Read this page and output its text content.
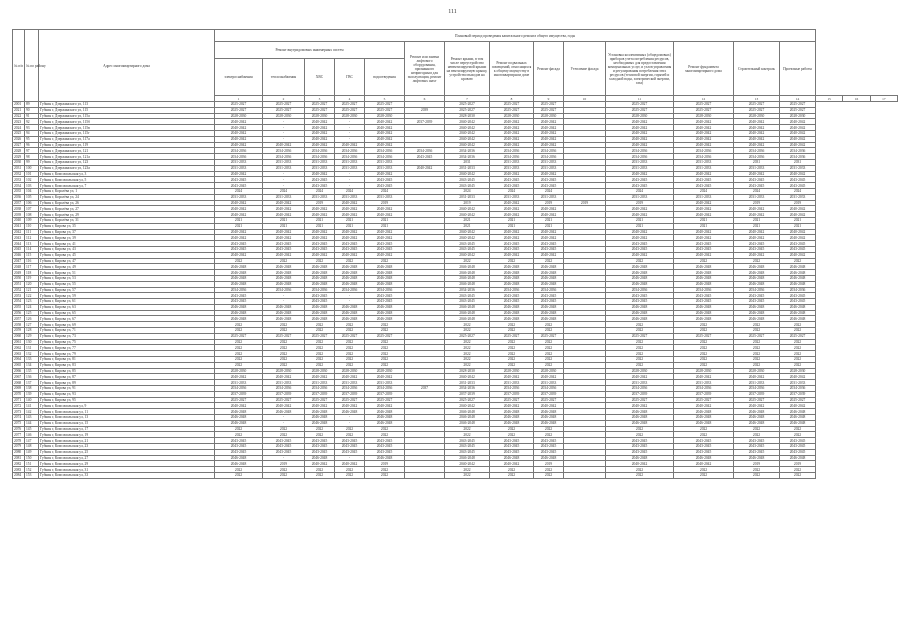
111
№ п/п	№ по району	Адрес многоквартирного дома	Плановый период проведения капитального ремонта общего имущества, годы																
			Ремонт внутридомовых инженерных систем					Ремонт или замена лифтового оборудования, признанного непригодным для эксплуатации, ремонт лифтовых шахт	Ремонт крыши, в том числе переустройство невентилируемой крыши на вентилируемую крышу, устройство выходов на кровлю	Ремонт подвальных помещений, относящихся к общему имуществу в многоквартирном доме	Ремонт фасада	Утепление фасада	Установка коллективных (общедомовых) приборов учета потребления ресурсов, необходимых для предоставления коммунальных услуг, и узлов управления и регулирования потребления этих ресурсов (тепловой энергии, горячей и холодной воды, электрической энергии, газа)	Ремонт фундамента многоквартирного дома	Строительный контроль	Проектные работы			
			электроснабжения	теплоснабжения	ХВС	ГВС	водоотведения												
			1	2	3	4	5	6	7	8	9	10	11	12	13	14	15	16	17
2001	89	Губкин г, Дзержинского ул, 113	2025-2027	2025-2027	2025-2027	2025-2027	2025-2027		2025-2027	2025-2027	2025-2027		2025-2027	2025-2027	2025-2027	2025-2027			
2021	90	Губкин г, Дзержинского ул, 115	2025-2027	2025-2027	2025-2027	2025-2027	2025-2027	2039	2025-2027	2025-2027	2025-2027		2025-2027	2025-2027	2025-2027	2025-2027			
2022	91	Губкин г, Дзержинского ул, 115а	2028-2030	2028-2030	2028-2030	2028-2030	2028-2030		2028-2030	2028-2030	2028-2030		2028-2030	2028-2030	2028-2030	2028-2030			
2023	92	Губкин г, Дзержинского ул, 115б	2040-2042	-	2040-2042	-	2040-2042	2037-2039	2040-2042	2040-2042	2040-2042		2040-2042	2040-2042	2040-2042	2040-2042			
2024	93	Губкин г, Дзержинского ул, 115в	2040-2042	-	2040-2042	-	2040-2042		2040-2042	2040-2042	2040-2042		2040-2042	2040-2042	2040-2042	2040-2042			
2025	94	Губкин г, Дзержинского ул, 115г	2040-2042	-	2040-2042	-	2040-2042		2040-2042	2040-2042	2040-2042		2040-2042	2040-2042	2040-2042	2040-2042			
2026	95	Губкин г, Дзержинского ул, 117а	2040-2042	-	2040-2042	-	2040-2042		2040-2042	2040-2042	2040-2042		2040-2042	2040-2042	2040-2042	2040-2042			
2027	96	Губкин г, Дзержинского ул, 119	2040-2042	2040-2042	2040-2042	2040-2042	2040-2042		2040-2042	2040-2042	2040-2042		2040-2042	2040-2042	2040-2042	2040-2042			
2028	97	Губкин г, Дзержинского ул, 121	2034-2036	2034-2036	2034-2036	2034-2036	2034-2036	2034-2036	2034-2036	2034-2036	2034-2036		2034-2036	2034-2036	2034-2036	2034-2036			
2029	98	Губкин г, Дзержинского ул, 121а	2034-2036	2034-2036	2034-2036	2034-2036	2034-2036	2043-2045	2034-2036	2034-2036	2034-2036		2034-2036	2034-2036	2034-2036	2034-2036			
2030	99	Губкин г, Дзержинского ул, 123	2031-2033	2031-2033	2031-2033	2031-2033	2031-2033		2031	2031-2033	2031-2033		2031-2033	2031-2033	2031	2031			
2031	100	Губкин г, Дзержинского ул, 123а	2031-2033	2031-2033	2031-2033	2031-2033	2031-2033	2040-2042	2031-2033	2031-2033	2031-2033		2031-2033	2031-2033	2031-2033	2031-2033			
2032	101	Губкин г, Комсомольская ул, 3	2040-2042	-	2040-2042	-	2040-2042		2040-2042	2040-2042	2040-2042		2040-2042	2040-2042	2040-2042	2040-2042			
2033	102	Губкин г, Комсомольская ул, 5	2043-2045	-	2043-2045	-	2043-2045		2043-2045	2043-2045	2043-2045		2043-2045	2043-2045	2043-2045	2043-2045			
2034	103	Губкин г, Комсомольская ул, 7	2043-2045	-	2043-2045	-	2043-2045		2043-2045	2043-2045	2043-2045		2043-2045	2043-2045	2043-2045	2043-2045			
2035	104	Губкин г, Королёва ул, 1	2024	2024	2024	2024	2024		2024	2024	2024		2024	2024	2024	2024			
2036	105	Губкин г, Королёва ул, 24	2031-2033	2031-2033	2031-2033	2031-2033	2031-2033		2031-2033	2031-2033	2031-2033		2031-2033	2031-2033	2031-2033	2031-2033			
2037	106	Губкин г, Королёва ул, 26	2040-2042	2040-2042	2019	2040-2042	2019		2019	2040-2042	2019	2019	2019	2040-2042	2019	2019			
2038	107	Губкин г, Королёва ул, 27	2040-2042	2040-2042	2040-2042	2040-2042	2040-2042		2040-2042	2040-2042	2040-2042		2040-2042	2040-2042	2040-2042	2040-2042			
2039	108	Губкин г, Королёва ул, 29	2040-2042	2040-2042	2040-2042	2040-2042	2040-2042		2040-2042	2040-2042	2040-2042		2040-2042	2040-2042	2040-2042	2040-2042			
2040	109	Губкин г, Королёва ул, 31	2021	2021	2021	2021	2021		2021	2021	2021		2021	2021	2021	2021			
2041	110	Губкин г, Кирова ул, 35	2021	2021	2021	2021	2021		2021	2021	2021		2021	2021	2021	2021			
2042	111	Губкин г, Кирова ул, 37	2040-2042	2040-2042	2040-2042	2040-2042	2040-2042		2040-2042	2040-2042	2040-2042		2040-2042	2040-2042	2040-2042	2040-2042			
2043	112	Губкин г, Кирова ул, 39	2040-2042	2040-2042	2040-2042	2040-2042	2040-2042		2040-2042	2040-2042	2040-2042		2040-2042	2040-2042	2040-2042	2040-2042			
2044	113	Губкин г, Кирова ул, 41	2043-2045	2043-2045	2043-2045	2043-2045	2043-2045		2043-2045	2043-2045	2043-2045		2043-2045	2043-2045	2043-2045	2043-2045			
2045	114	Губкин г, Кирова ул, 43	2043-2045	2043-2045	2043-2045	2043-2045	2043-2045		2043-2045	2043-2045	2043-2045		2043-2045	2043-2045	2043-2045	2043-2045			
2046	115	Губкин г, Кирова ул, 45	2040-2042	2040-2042	2040-2042	2040-2042	2040-2042		2040-2042	2040-2042	2040-2042		2040-2042	2040-2042	2040-2042	2040-2042			
2047	116	Губкин г, Кирова ул, 47	2022	2022	2022	2022	2022		2022	2022	2022		2022	2022	2022	2022			
2048	117	Губкин г, Кирова ул, 49	2046-2048	2046-2048	2046-2048	2046-2048	2046-2048		2046-2048	2046-2048	2046-2048		2046-2048	2046-2048	2046-2048	2046-2048			
2049	118	Губкин г, Кирова ул, 51	2046-2048	2046-2048	2046-2048	2046-2048	2046-2048		2046-2048	2046-2048	2046-2048		2046-2048	2046-2048	2046-2048	2046-2048			
2050	119	Губкин г, Кирова ул, 53	2046-2048	2046-2048	2046-2048	2046-2048	2046-2048		2046-2048	2046-2048	2046-2048		2046-2048	2046-2048	2046-2048	2046-2048			
2051	120	Губкин г, Кирова ул, 55	2046-2048	2046-2048	2046-2048	2046-2048	2046-2048		2046-2048	2046-2048	2046-2048		2046-2048	2046-2048	2046-2048	2046-2048			
2052	121	Губкин г, Кирова ул, 57	2034-2036	2034-2036	2034-2036	2034-2036	2034-2036		2034-2036	2034-2036	2034-2036		2034-2036	2034-2036	2034-2036	2034-2036			
2053	122	Губкин г, Кирова ул, 59	2043-2045	-	2043-2045	-	2043-2045		2043-2045	2043-2045	2043-2045		2043-2045	2043-2045	2043-2045	2043-2045			
2054	123	Губкин г, Кирова ул, 61	2043-2045	-	2043-2045	-	2043-2045		2043-2045	2043-2045	2043-2045		2043-2045	2043-2045	2043-2045	2043-2045			
2055	124	Губкин г, Кирова ул, 63	2046-2048	2046-2048	2046-2048	2046-2048	2046-2048		2046-2048	2046-2048	2046-2048		2046-2048	2046-2048	2046-2048	2046-2048			
2056	125	Губкин г, Кирова ул, 65	2046-2048	2046-2048	2046-2048	2046-2048	2046-2048		2046-2048	2046-2048	2046-2048		2046-2048	2046-2048	2046-2048	2046-2048			
2057	126	Губкин г, Кирова ул, 67	2046-2048	2046-2048	2046-2048	2046-2048	2046-2048		2046-2048	2046-2048	2046-2048		2046-2048	2046-2048	2046-2048	2046-2048			
2058	127	Губкин г, Кирова ул, 69	2022	2022	2022	2022	2022		2022	2022	2022		2022	2022	2022	2022			
2059	128	Губкин г, Кирова ул, 71	2022	2022	2022	2022	2022		2022	2022	2022		2022	2022	2022	2022			
2060	129	Губкин г, Кирова ул, 73	2025-2027	2025-2027	2025-2027	2025-2027	2025-2027		2025-2027	2025-2027	2025-2027		2025-2027	2025-2027	2025-2027	2025-2027			
2061	130	Губкин г, Кирова ул, 75	2022	2022	2022	2022	2022		2022	2022	2022		2022	2022	2022	2022			
2062	131	Губкин г, Кирова ул, 77	2022	2022	2022	2022	2022		2022	2022	2022		2022	2022	2022	2022			
2063	132	Губкин г, Кирова ул, 79	2022	2022	2022	2022	2022		2022	2022	2022		2022	2022	2022	2022			
2064	133	Губкин г, Кирова ул, 81	2022	2022	2022	2022	2022		2022	2022	2022		2022	2022	2022	2022			
2065	134	Губкин г, Кирова ул, 83	2022	2022	2022	2022	2022		2022	2022	2022		2022	2022	2022	2022			
2066	135	Губкин г, Кирова ул, 85	2028-2030	2028-2030	2028-2030	2028-2030	2028-2030		2028-2030	2028-2030	2028-2030		2028-2030	2028-2030	2028-2030	2028-2030			
2067	136	Губкин г, Кирова ул, 87	2040-2042	2040-2042	2040-2042	2040-2042	2040-2042		2040-2042	2040-2042	2040-2042		2040-2042	2040-2042	2040-2042	2040-2042			
2068	137	Губкин г, Кирова ул, 89	2031-2033	2031-2033	2031-2033	2031-2033	2031-2033		2031-2033	2031-2033	2031-2033		2031-2033	2031-2033	2031-2033	2031-2033			
2069	138	Губкин г, Кирова ул, 91	2034-2036	2034-2036	2034-2036	2034-2036	2034-2036	2037	2034-2036	2034-2036	2034-2036		2034-2036	2034-2036	2034-2036	2034-2036			
2070	139	Губкин г, Кирова ул, 93	2037-2039	2037-2039	2037-2039	2037-2039	2037-2039		2037-2039	2037-2039	2037-2039		2037-2039	2037-2039	2037-2039	2037-2039			
2071	140	Губкин г, Кирова ул, 95	2025-2027	2025-2027	2025-2027	2025-2027	2025-2027		2025-2027	2025-2027	2025-2027		2025-2027	2025-2027	2025-2027	2025-2027			
2072	141	Губкин г, Комсомольская ул, 9	2040-2042	2040-2042	2040-2042	2040-2042	2040-2042		2040-2042	2040-2042	2040-2042		2040-2042	2040-2042	2040-2042	2040-2042			
2073	142	Губкин г, Комсомольская ул, 11	2046-2048	2046-2048	2046-2048	2046-2048	2046-2048		2046-2048	2046-2048	2046-2048		2046-2048	2046-2048	2046-2048	2046-2048			
2074	143	Губкин г, Комсомольская ул, 13	2046-2048	-	2046-2048	-	2046-2048		2046-2048	2046-2048	2046-2048		2046-2048	2046-2048	2046-2048	2046-2048			
2075	144	Губкин г, Комсомольская ул, 15	2046-2048	-	2046-2048	-	2046-2048		2046-2048	2046-2048	2046-2048		2046-2048	2046-2048	2046-2048	2046-2048			
2076	145	Губкин г, Комсомольская ул, 17	2022	2022	2022	2022	2022		2022	2022	2022		2022	2022	2022	2022			
2077	146	Губкин г, Комсомольская ул, 19	2022	2022	2022	2022	2022		2022	2022	2022		2022	2022	2022	2022			
2078	147	Губкин г, Комсомольская ул, 21	2043-2045	2043-2045	2043-2045	2043-2045	2043-2045		2043-2045	2043-2045	2043-2045		2043-2045	2043-2045	2043-2045	2043-2045			
2079	148	Губкин г, Комсомольская ул, 23	2043-2045	2043-2045	2043-2045	2043-2045	2043-2045		2043-2045	2043-2045	2043-2045		2043-2045	2043-2045	2043-2045	2043-2045			
2080	149	Губкин г, Комсомольская ул, 25	2043-2045	2043-2045	2043-2045	2043-2045	2043-2045		2043-2045	2043-2045	2043-2045		2043-2045	2043-2045	2043-2045	2043-2045			
2081	150	Губкин г, Комсомольская ул, 27	2046-2048	-	2046-2048	-	2046-2048		2046-2048	2046-2048	2046-2048		2046-2048	2046-2048	2046-2048	2046-2048			
2082	151	Губкин г, Комсомольская ул, 29	2046-2048	2019	2040-2042	2040-2042	2019		2040-2042	2040-2042	2019		2040-2042	2040-2042	2019	2019			
2083	152	Губкин г, Комсомольская ул, 31	2022	2022	2022	2022	2022		2022	2022	2022		2022	2022	2022	2022			
2084	153	Губкин г, Комсомольская ул, 33	2022	2022	2022	2022	2022		2022	2022	2022		2022	2022	2022	2022			
